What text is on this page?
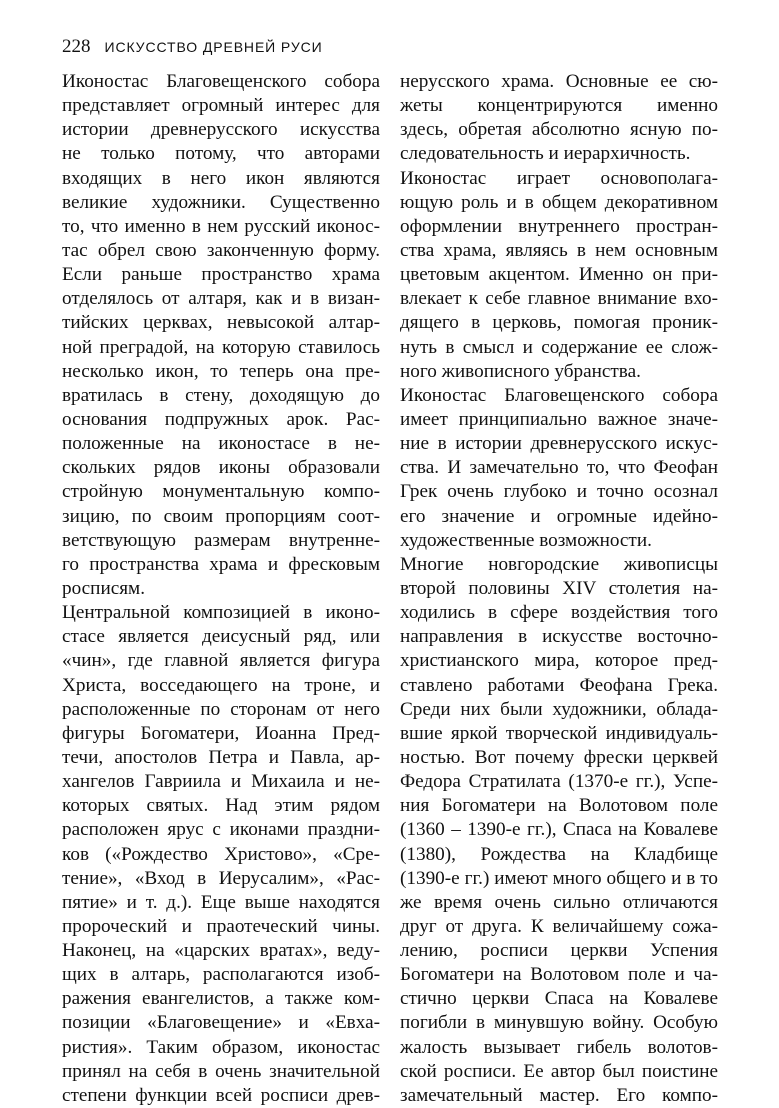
228 ИСКУССТВО ДРЕВНЕЙ РУСИ
Иконостас Благовещенского собора
представляет огромный интерес для
истории древнерусского искусства
не только потому, что авторами
входящих в него икон являются
великие художники. Существенно
то, что именно в нем русский иконос-
тас обрел свою законченную форму.
Если раньше пространство храма
отделялось от алтаря, как и в визан-
тийских церквах, невысокой алтар-
ной преградой, на которую ставилось
несколько икон, то теперь она пре-
вратилась в стену, доходящую до
основания подпружных арок. Рас-
положенные на иконостасе в не-
скольких рядов иконы образовали
стройную монументальную компо-
зицию, по своим пропорциям соот-
ветствующую размерам внутренне-
го пространства храма и фресковым
росписям.
Центральной композицией в иконо-
стасе является деисусный ряд, или
«чин», где главной является фигура
Христа, восседающего на троне, и
расположенные по сторонам от него
фигуры Богоматери, Иоанна Пред-
течи, апостолов Петра и Павла, ар-
хангелов Гавриила и Михаила и не-
которых святых. Над этим рядом
расположен ярус с иконами праздни-
ков («Рождество Христово», «Сре-
тение», «Вход в Иерусалим», «Рас-
пятие» и т. д.). Еще выше находятся
пророческий и праотеческий чины.
Наконец, на «царских вратах», веду-
щих в алтарь, располагаются изоб-
ражения евангелистов, а также ком-
позиции «Благовещение» и «Евха-
ристия». Таким образом, иконостас
принял на себя в очень значительной
степени функции всей росписи древ-
нерусского храма. Основные ее сю-
жеты концентрируются именно
здесь, обретая абсолютно ясную по-
следовательность и иерархичность.
Иконостас играет основополага-
ющую роль и в общем декоративном
оформлении внутреннего простран-
ства храма, являясь в нем основным
цветовым акцентом. Именно он при-
влекает к себе главное внимание вхо-
дящего в церковь, помогая проник-
нуть в смысл и содержание ее слож-
ного живописного убранства.
Иконостас Благовещенского собора
имеет принципиально важное значе-
ние в истории древнерусского искус-
ства. И замечательно то, что Феофан
Грек очень глубоко и точно осознал
его значение и огромные идейно-
художественные возможности.
Многие новгородские живописцы
второй половины XIV столетия на-
ходились в сфере воздействия того
направления в искусстве восточно-
христианского мира, которое пред-
ставлено работами Феофана Грека.
Среди них были художники, облада-
вшие яркой творческой индивидуаль-
ностью. Вот почему фрески церквей
Федора Стратилата (1370-е гг.), Успе-
ния Богоматери на Волотовом поле
(1360 – 1390-е гг.), Спаса на Ковалеве
(1380), Рождества на Кладбище
(1390-е гг.) имеют много общего и в то
же время очень сильно отличаются
друг от друга. К величайшему сожа-
лению, росписи церкви Успения
Богоматери на Волотовом поле и ча-
стично церкви Спаса на Ковалеве
погибли в минувшую войну. Особую
жалость вызывает гибель волотов-
ской росписи. Ее автор был поистине
замечательный мастер. Его компо-
